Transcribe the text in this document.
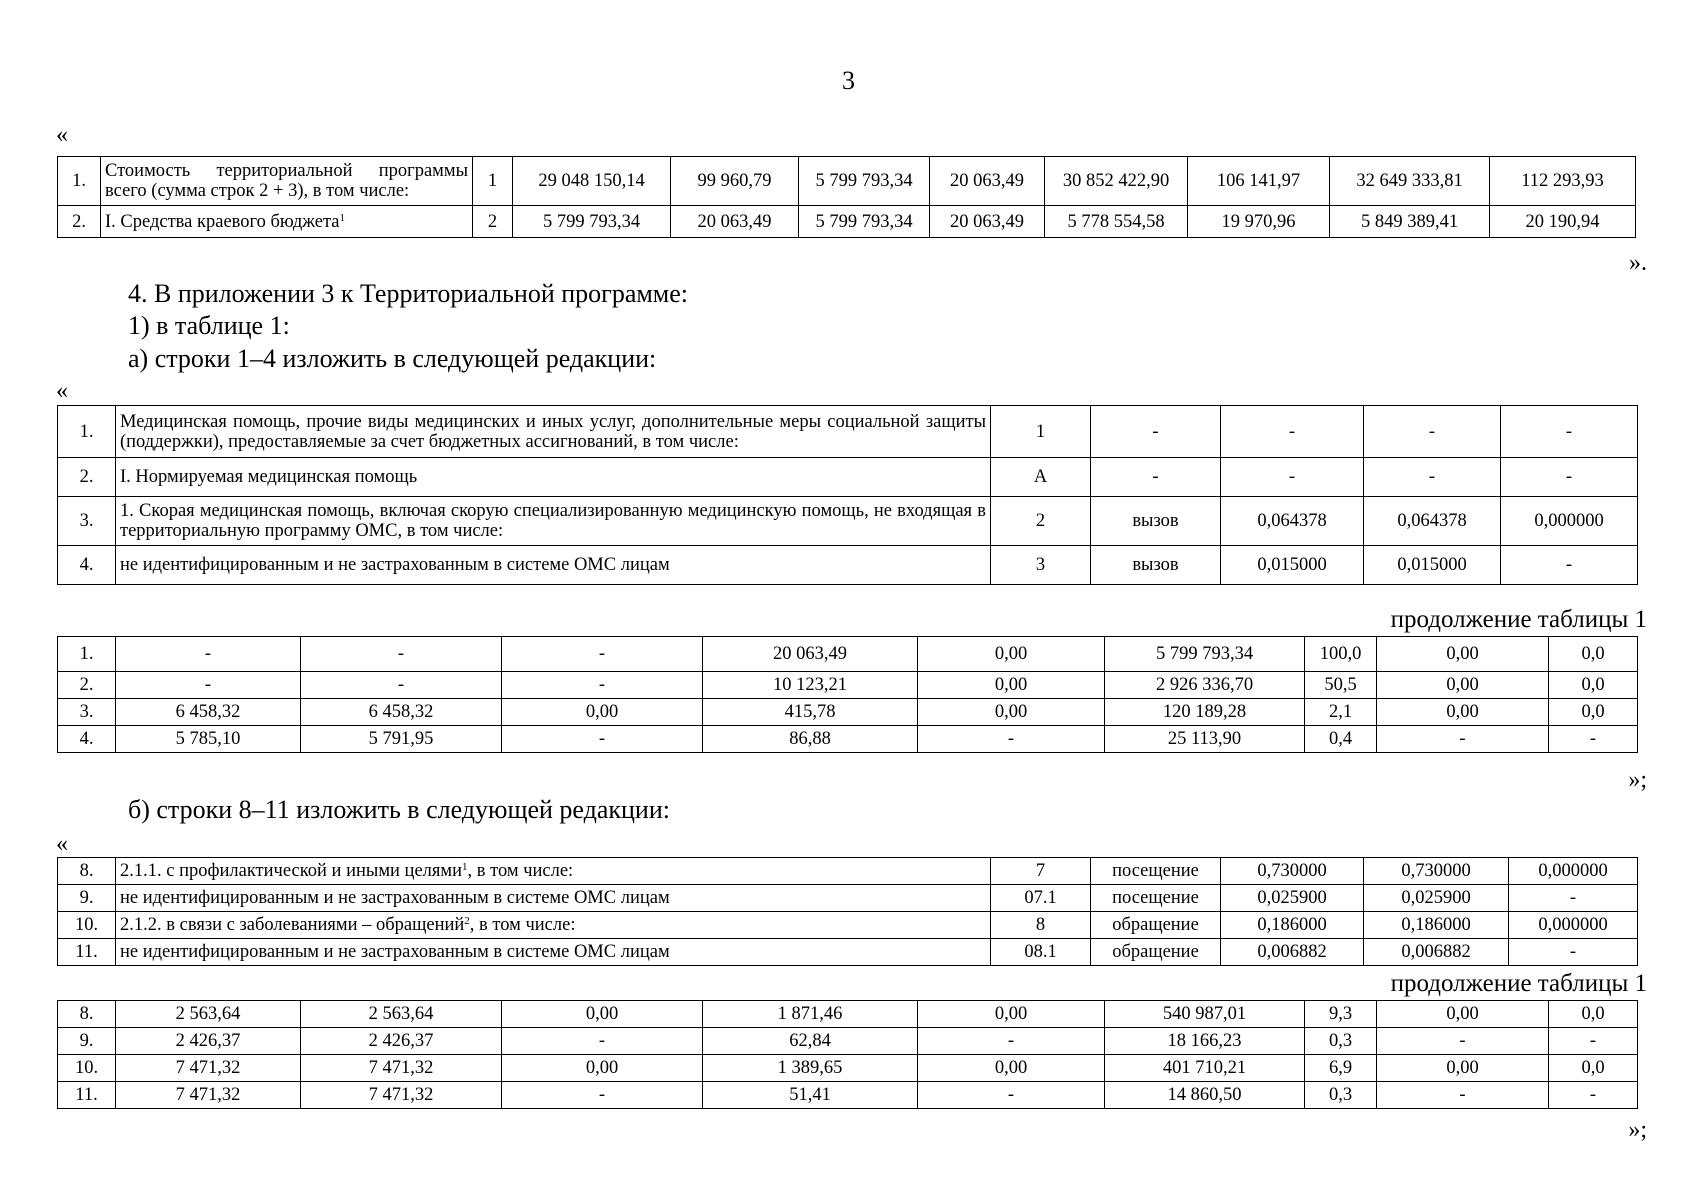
3
«
1.	Стоимость территориальной программы всего (сумма строк 2 + 3), в том числе:	1	29 048 150,14	99 960,79	5 799 793,34	20 063,49	30 852 422,90	106 141,97	32 649 333,81	112 293,93
2.	I. Средства краевого бюджета$^1$	2	5 799 793,34	20 063,49	5 799 793,34	20 063,49	5 778 554,58	19 970,96	5 849 389,41	20 190,94
».
4. В приложении 3 к Территориальной программе:
1) в таблице 1:
а) строки 1–4 изложить в следующей редакции:
«
1.	Медицинская помощь, прочие виды медицинских и иных услуг, дополнительные меры социальной защиты (поддержки), предоставляемые за счет бюджетных ассигнований, в том числе:	1	-	-	-	-
2.	I. Нормируемая медицинская помощь	А	-	-	-	-
3.	1. Скорая медицинская помощь, включая скорую специализированную медицинскую помощь, не входящая в территориальную программу ОМС, в том числе:	2	вызов	0,064378	0,064378	0,000000
4.	не идентифицированным и не застрахованным в системе ОМС лицам	3	вызов	0,015000	0,015000	-
продолжение таблицы 1
1.	-	-	-	20 063,49	0,00	5 799 793,34	100,0	0,00	0,0
2.	-	-	-	10 123,21	0,00	2 926 336,70	50,5	0,00	0,0
3.	6 458,32	6 458,32	0,00	415,78	0,00	120 189,28	2,1	0,00	0,0
4.	5 785,10	5 791,95	-	86,88	-	25 113,90	0,4	-	-
»;
б) строки 8–11 изложить в следующей редакции:
«
8.	2.1.1. с профилактической и иными целями$^1$, в том числе:	7	посещение	0,730000	0,730000	0,000000
9.	не идентифицированным и не застрахованным в системе ОМС лицам	07.1	посещение	0,025900	0,025900	-
10.	2.1.2. в связи с заболеваниями – обращений$^2$, в том числе:	8	обращение	0,186000	0,186000	0,000000
11.	не идентифицированным и не застрахованным в системе ОМС лицам	08.1	обращение	0,006882	0,006882	-
продолжение таблицы 1
8.	2 563,64	2 563,64	0,00	1 871,46	0,00	540 987,01	9,3	0,00	0,0
9.	2 426,37	2 426,37	-	62,84	-	18 166,23	0,3	-	-
10.	7 471,32	7 471,32	0,00	1 389,65	0,00	401 710,21	6,9	0,00	0,0
11.	7 471,32	7 471,32	-	51,41	-	14 860,50	0,3	-	-
»;
